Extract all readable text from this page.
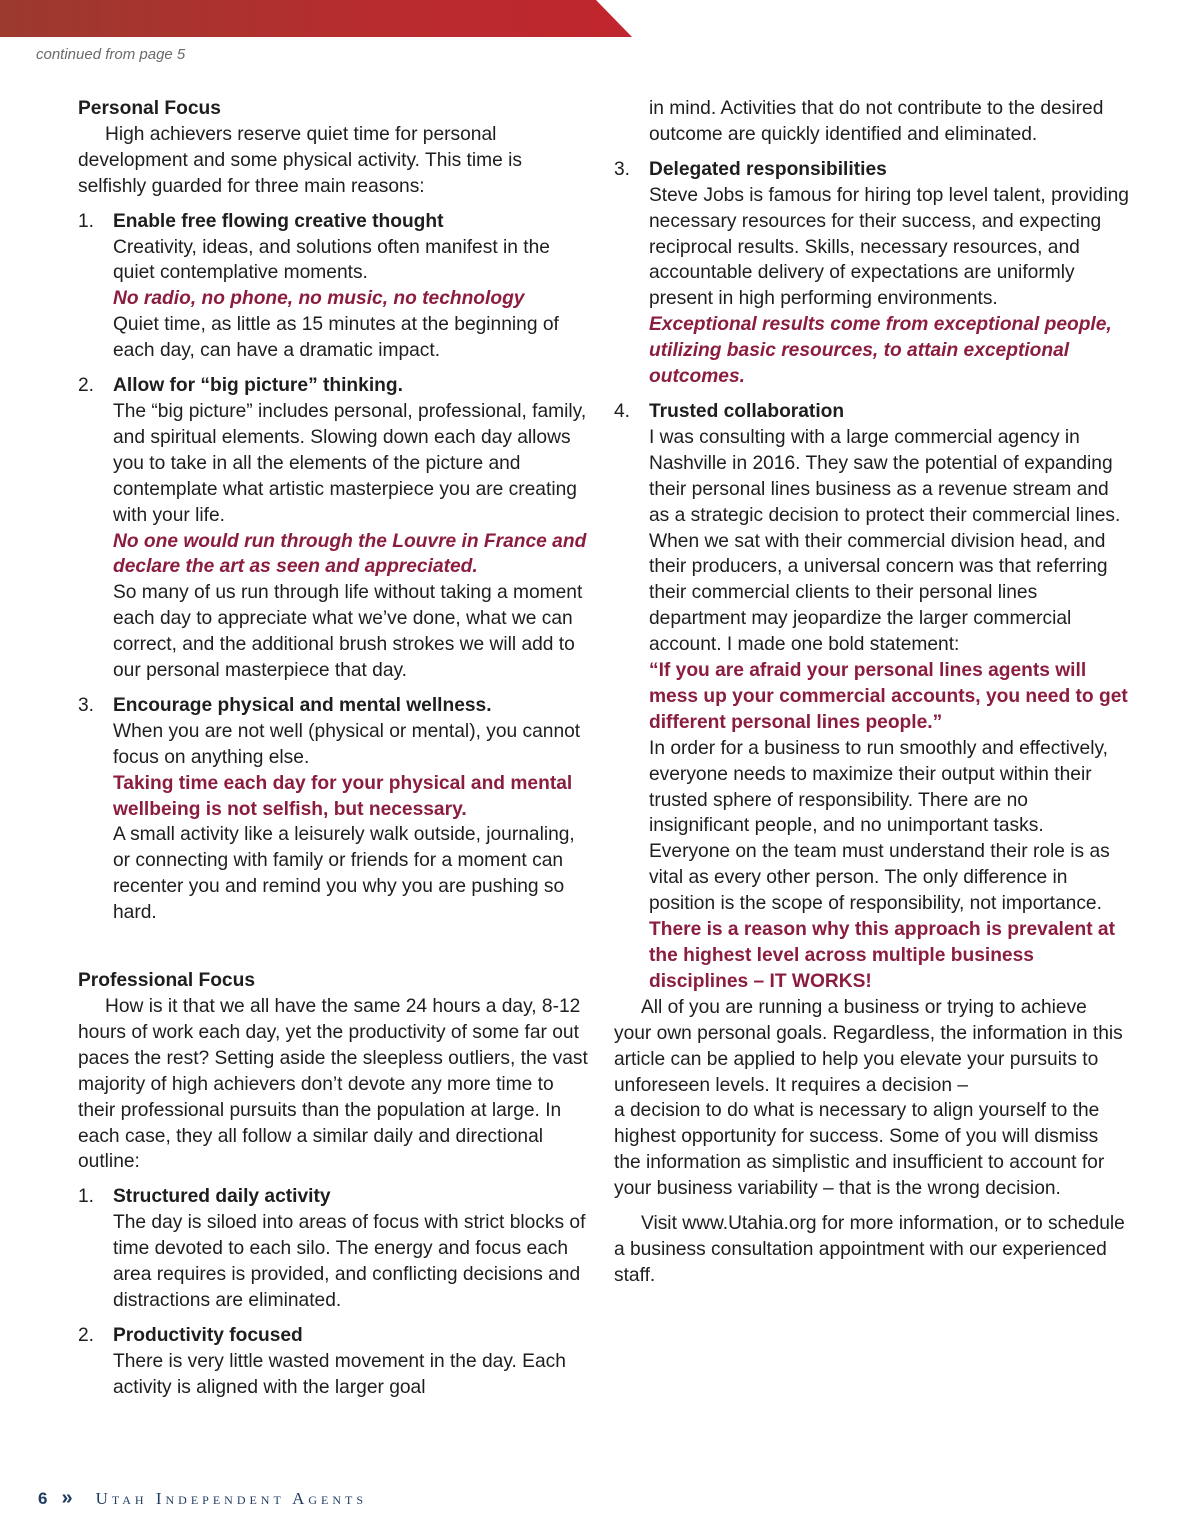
continued from page 5
Personal Focus

High achievers reserve quiet time for personal development and some physical activity. This time is selfishly guarded for three main reasons:

1. Enable free flowing creative thought
Creativity, ideas, and solutions often manifest in the quiet contemplative moments.
No radio, no phone, no music, no technology
Quiet time, as little as 15 minutes at the beginning of each day, can have a dramatic impact.
2. Allow for “big picture” thinking.
The “big picture” includes personal, professional, family, and spiritual elements. Slowing down each day allows you to take in all the elements of the picture and contemplate what artistic masterpiece you are creating with your life.
No one would run through the Louvre in France and declare the art as seen and appreciated.
So many of us run through life without taking a moment each day to appreciate what we’ve done, what we can correct, and the additional brush strokes we will add to our personal masterpiece that day.
3. Encourage physical and mental wellness.
When you are not well (physical or mental), you cannot focus on anything else.
Taking time each day for your physical and mental wellbeing is not selfish, but necessary.
A small activity like a leisurely walk outside, journaling, or connecting with family or friends for a moment can recenter you and remind you why you are pushing so hard.
Professional Focus

How is it that we all have the same 24 hours a day, 8-12 hours of work each day, yet the productivity of some far out paces the rest? Setting aside the sleepless outliers, the vast majority of high achievers don’t devote any more time to their professional pursuits than the population at large. In each case, they all follow a similar daily and directional outline:

1. Structured daily activity
The day is siloed into areas of focus with strict blocks of time devoted to each silo. The energy and focus each area requires is provided, and conflicting decisions and distractions are eliminated.
2. Productivity focused
There is very little wasted movement in the day. Each activity is aligned with the larger goal
in mind. Activities that do not contribute to the desired outcome are quickly identified and eliminated.
3. Delegated responsibilities
Steve Jobs is famous for hiring top level talent, providing necessary resources for their success, and expecting reciprocal results. Skills, necessary resources, and accountable delivery of expectations are uniformly present in high performing environments.
Exceptional results come from exceptional people, utilizing basic resources, to attain exceptional outcomes.
4. Trusted collaboration
I was consulting with a large commercial agency in Nashville in 2016. They saw the potential of expanding their personal lines business as a revenue stream and as a strategic decision to protect their commercial lines. When we sat with their commercial division head, and their producers, a universal concern was that referring their commercial clients to their personal lines department may jeopardize the larger commercial account. I made one bold statement:
“If you are afraid your personal lines agents will mess up your commercial accounts, you need to get different personal lines people.”
In order for a business to run smoothly and effectively, everyone needs to maximize their output within their trusted sphere of responsibility. There are no insignificant people, and no unimportant tasks. Everyone on the team must understand their role is as vital as every other person. The only difference in position is the scope of responsibility, not importance.
There is a reason why this approach is prevalent at the highest level across multiple business disciplines – IT WORKS!

All of you are running a business or trying to achieve your own personal goals. Regardless, the information in this article can be applied to help you elevate your pursuits to unforeseen levels. It requires a decision –

a decision to do what is necessary to align yourself to the highest opportunity for success. Some of you will dismiss the information as simplistic and insufficient to account for your business variability – that is the wrong decision.

Visit www.Utahia.org for more information, or to schedule a business consultation appointment with our experienced staff.

6 » Utah Independent Agents
